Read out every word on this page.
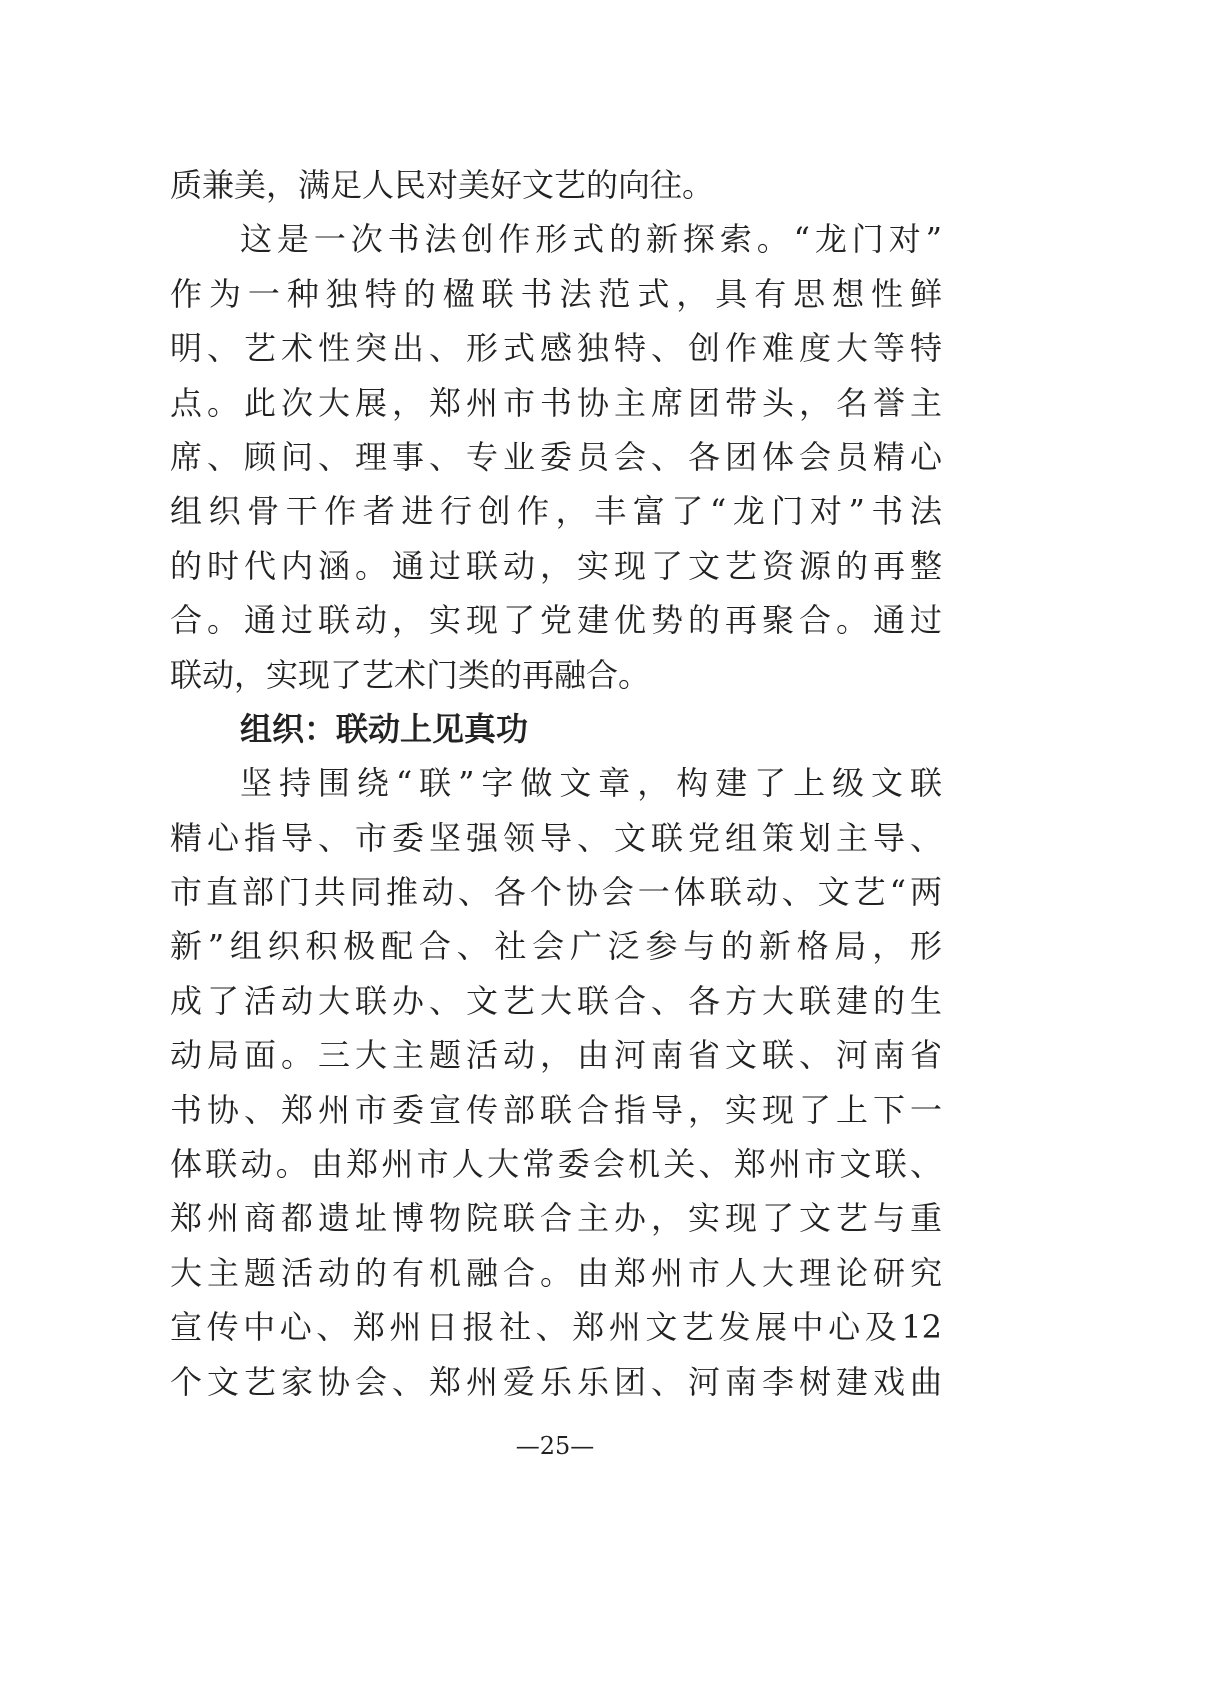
质兼美，满足人民对美好文艺的向往。
这是一次书法创作形式的新探索。“龙门对”
作为一种独特的楹联书法范式，具有思想性鲜
明、艺术性突出、形式感独特、创作难度大等特
点。此次大展，郑州市书协主席团带头，名誉主
席、顾问、理事、专业委员会、各团体会员精心
组织骨干作者进行创作，丰富了“龙门对”书法
的时代内涵。通过联动，实现了文艺资源的再整
合。通过联动，实现了党建优势的再聚合。通过
联动，实现了艺术门类的再融合。
组织：联动上见真功
坚持围绕“联”字做文章，构建了上级文联
精心指导、市委坚强领导、文联党组策划主导、
市直部门共同推动、各个协会一体联动、文艺“两
新”组织积极配合、社会广泛参与的新格局，形
成了活动大联办、文艺大联合、各方大联建的生
动局面。三大主题活动，由河南省文联、河南省
书协、郑州市委宣传部联合指导，实现了上下一
体联动。由郑州市人大常委会机关、郑州市文联、
郑州商都遗址博物院联合主办，实现了文艺与重
大主题活动的有机融合。由郑州市人大理论研究
宣传中心、郑州日报社、郑州文艺发展中心及12
个文艺家协会、郑州爱乐乐团、河南李树建戏曲
—25—
